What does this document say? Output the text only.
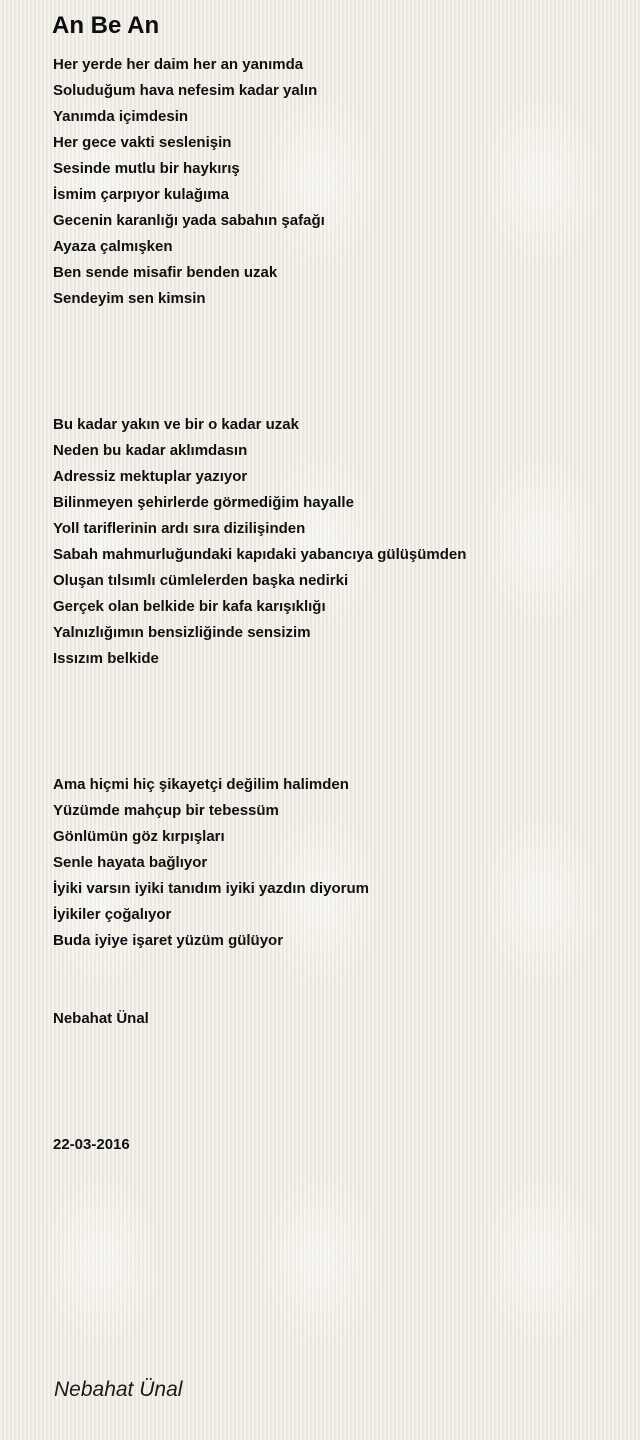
An Be An
Her yerde her daim her an yanımda
Soluduğum hava nefesim kadar yalın
Yanımda içimdesin
Her gece vakti seslenişin
Sesinde mutlu bir haykırış
İsmim çarpıyor kulağıma
Gecenin karanlığı yada sabahın şafağı
Ayaza çalmışken
Ben sende misafir benden uzak
Sendeyim sen kimsin
Bu kadar yakın ve bir o kadar uzak
Neden bu kadar aklımdasın
Adressiz mektuplar yazıyor
Bilinmeyen şehirlerde görmediğim hayalle
Yoll tariflerinin ardı sıra dizilişinden
Sabah mahmurluğundaki kapıdaki yabancıya gülüşümden
Oluşan tılsımlı cümlelerden başka nedirki
Gerçek olan belkide bir kafa karışıklığı
Yalnızlığımın bensizliğinde sensizim
Issızım belkide
Ama hiçmi hiç şikayetçi değilim halimden
Yüzümde mahçup bir tebessüm
Gönlümün göz kırpışları
Senle hayata bağlıyor
İyiki varsın iyiki tanıdım iyiki yazdın diyorum
İyikiler çoğalıyor
Buda iyiye işaret yüzüm gülüyor
Nebahat Ünal
22-03-2016
Nebahat Ünal
